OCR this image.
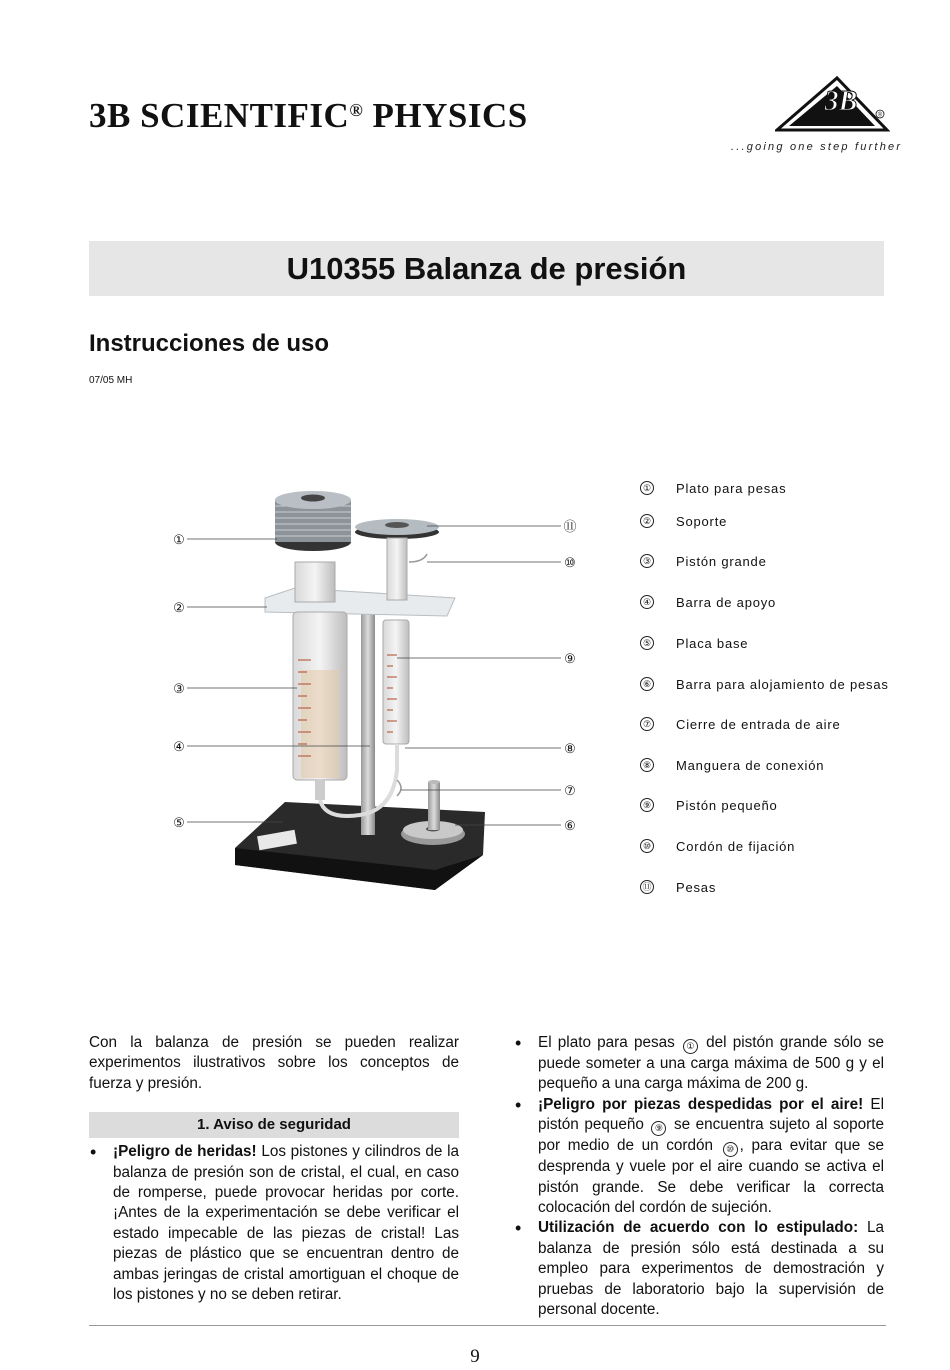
3B SCIENTIFIC® PHYSICS	3B	®
...going one step further
U10355 Balanza de presión
Instrucciones de uso
07/05 MH
①
②
③
④
⑤
⑪
⑩
⑨
⑧
⑦
⑥
① Plato para pesas
② Soporte
③ Pistón grande
④ Barra de apoyo
⑤ Placa base
⑥ Barra para alojamiento de pesas
⑦ Cierre de entrada de aire
⑧ Manguera de conexión
⑨ Pistón pequeño
⑩ Cordón de fijación
⑪ Pesas

Con la balanza de presión se pueden realizar experimentos ilustrativos sobre los conceptos de fuerza y presión.

1. Aviso de seguridad
• ¡Peligro de heridas! Los pistones y cilindros de la balanza de presión son de cristal, el cual, en caso de romperse, puede provocar heridas por corte. ¡Antes de la experimentación se debe verificar el estado impecable de las piezas de cristal! Las piezas de plástico que se encuentran dentro de ambas jeringas de cristal amortiguan el choque de los pistones y no se deben retirar.
• El plato para pesas ① del pistón grande sólo se puede someter a una carga máxima de 500 g y el pequeño a una carga máxima de 200 g.
• ¡Peligro por piezas despedidas por el aire! El pistón pequeño ⑨ se encuentra sujeto al soporte por medio de un cordón ⑩ , para evitar que se desprenda y vuele por el aire cuando se activa el pistón grande. Se debe verificar la correcta colocación del cordón de sujeción.
• Utilización de acuerdo con lo estipulado: La balanza de presión sólo está destinada a su empleo para experimentos de demostración y pruebas de laboratorio bajo la supervisión de personal docente.
9
